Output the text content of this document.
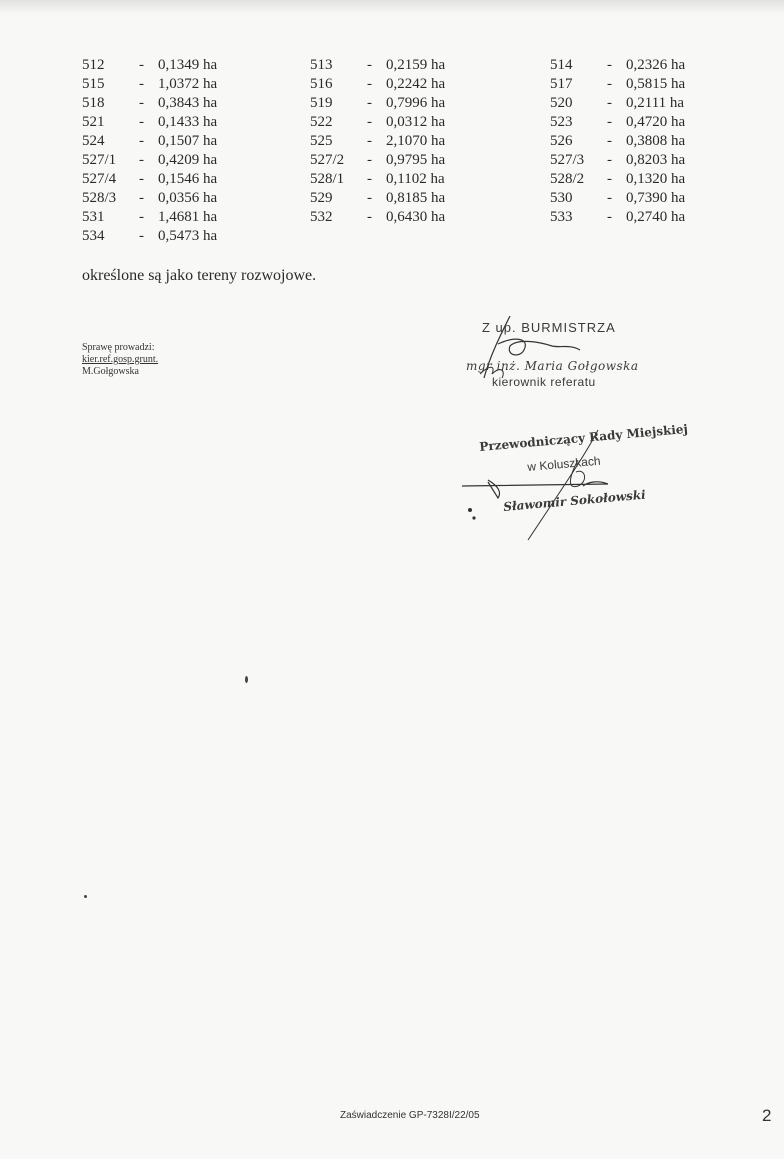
512 - 0,1349 ha
515 - 1,0372 ha
518 - 0,3843 ha
521 - 0,1433 ha
524 - 0,1507 ha
527/1 - 0,4209 ha
527/4 - 0,1546 ha
528/3 - 0,0356 ha
531 - 1,4681 ha
534 - 0,5473 ha
513 - 0,2159 ha
516 - 0,2242 ha
519 - 0,7996 ha
522 - 0,0312 ha
525 - 2,1070 ha
527/2 - 0,9795 ha
528/1 - 0,1102 ha
529 - 0,8185 ha
532 - 0,6430 ha
514 - 0,2326 ha
517 - 0,5815 ha
520 - 0,2111 ha
523 - 0,4720 ha
526 - 0,3808 ha
527/3 - 0,8203 ha
528/2 - 0,1320 ha
530 - 0,7390 ha
533 - 0,2740 ha
określone są jako tereny rozwojowe.
Sprawę prowadzi:
kier.ref.gosp.grunt.
M.Gołgowska
Z up. BURMISTRZA
mgr inż. Maria Gołgowska
kierownik referatu
Przewodniczący Rady Miejskiej
w Koluszkach
Sławomir Sokołowski
Zaświadczenie GP-7328I/22/05	2
